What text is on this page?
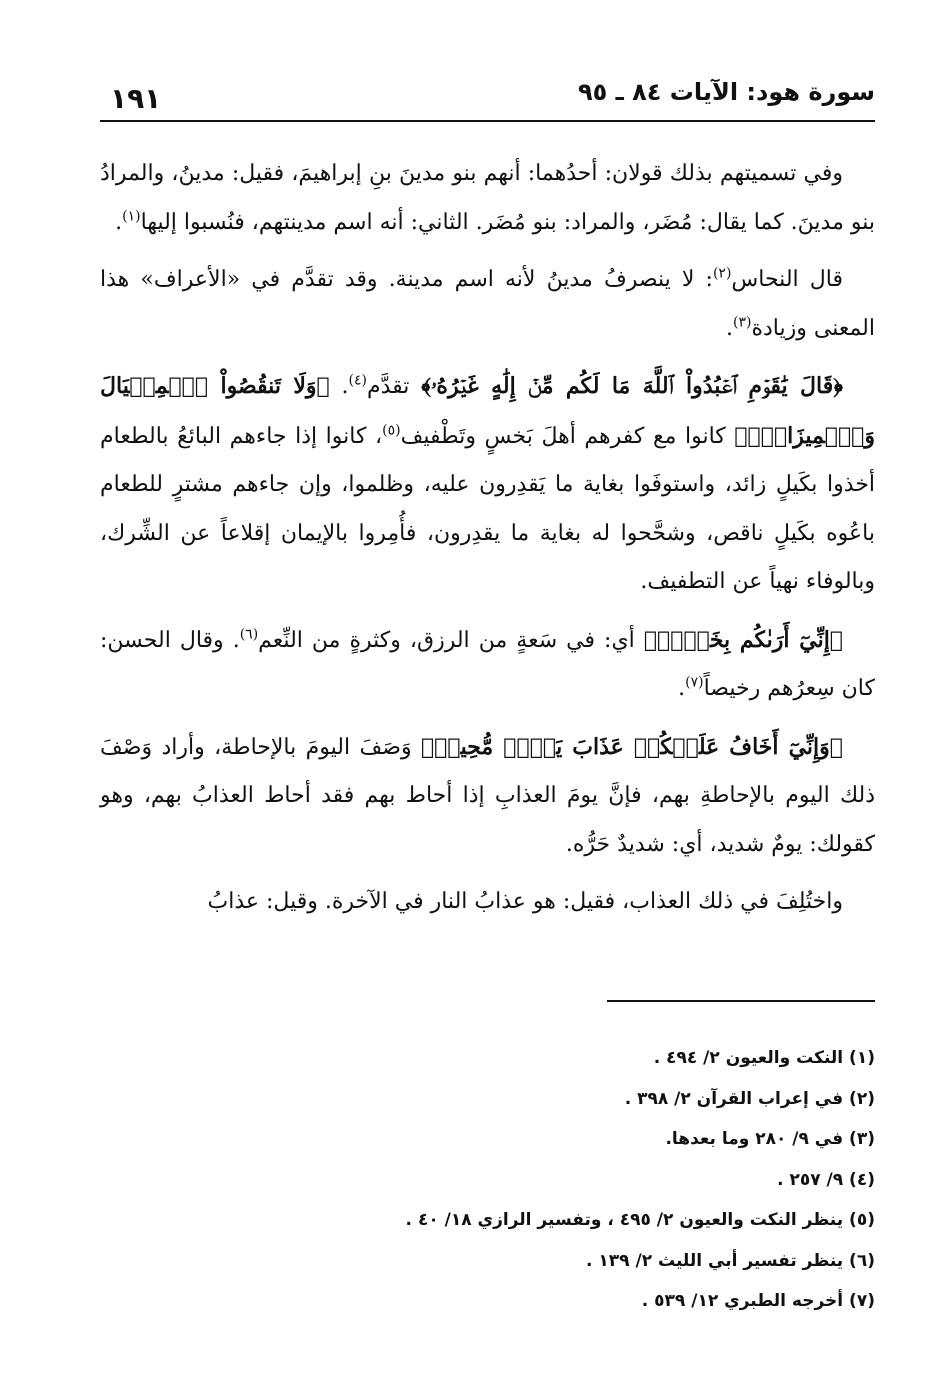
سورة هود: الآيات ٨٤ ـ ٩٥
١٩١

وفي تسميتهم بذلك قولان: أحدُهما: أنهم بنو مدينَ بنِ إبراهيمَ، فقيل: مدينُ، والمرادُ بنو مدينَ. كما يقال: مُضَر، والمراد: بنو مُضَر. الثاني: أنه اسم مدينتهم، فنُسبوا إليها$^{(١)}$.

قال النحاس$^{(٢)}$: لا ينصرفُ مدينُ لأنه اسم مدينة. وقد تقدَّم في «الأعراف» هذا المعنى وزيادة$^{(٣)}$.

﴿قَالَ يَٰقَوۡمِ ٱعۡبُدُواْ ٱللَّهَ مَا لَكُم مِّنۡ إِلَٰهٍ غَيۡرُهُۥ﴾ تقدَّم$^{(٤)}$. ﴿وَلَا تَنقُصُواْ ٱلۡمِكۡيَالَ وَٱلۡمِيزَانَۖ﴾ كانوا مع كفرهم أهلَ بَخسٍ وتَطْفيف$^{(٥)}$، كانوا إذا جاءهم البائعُ بالطعام أخذوا بكَيلٍ زائد، واستوفَوا بغاية ما يَقدِرون عليه، وظلموا، وإن جاءهم مشترٍ للطعام باعُوه بكَيلٍ ناقص، وشحَّحوا له بغاية ما يقدِرون، فأُمِروا بالإيمان إقلاعاً عن الشِّرك، وبالوفاء نهياً عن التطفيف.

﴿إِنِّيٓ أَرَىٰكُم بِخَيۡرٖ﴾ أي: في سَعةٍ من الرزق، وكثرةٍ من النِّعم$^{(٦)}$. وقال الحسن: كان سِعرُهم رخيصاً$^{(٧)}$.

﴿وَإِنِّيٓ أَخَافُ عَلَيۡكُمۡ عَذَابَ يَوۡمٖ مُّحِيطٖ﴾ وَصَفَ اليومَ بالإحاطة، وأراد وَصْفَ ذلك اليوم بالإحاطةِ بهم، فإنَّ يومَ العذابِ إذا أحاط بهم فقد أحاط العذابُ بهم، وهو كقولك: يومٌ شديد، أي: شديدٌ حَرُّه.

واختُلِفَ في ذلك العذاب، فقيل: هو عذابُ النار في الآخرة. وقيل: عذابُ

(١) النكت والعيون ٢/ ٤٩٤ .
(٢) في إعراب القرآن ٢/ ٣٩٨ .
(٣) في ٩/ ٢٨٠ وما بعدها.
(٤) ٩/ ٢٥٧ .
(٥) ينظر النكت والعيون ٢/ ٤٩٥ ، وتفسير الرازي ١٨/ ٤٠ .
(٦) ينظر تفسير أبي الليث ٢/ ١٣٩ .
(٧) أخرجه الطبري ١٢/ ٥٣٩ .
